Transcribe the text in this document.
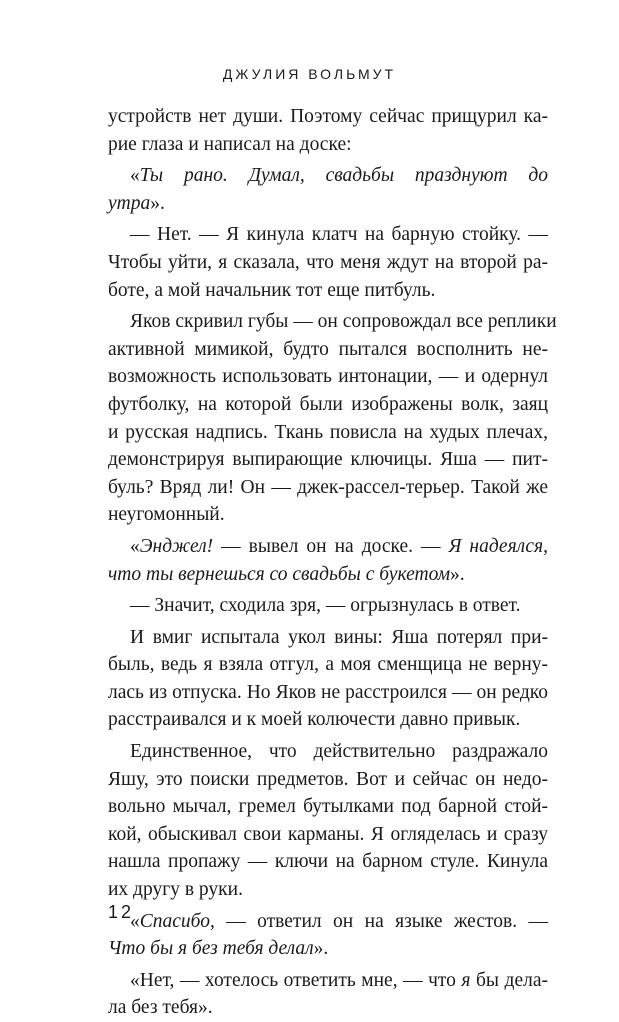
ДЖУЛИЯ ВОЛЬМУТ
устройств нет души. Поэтому сейчас прищурил ка-
рие глаза и написал на доске:
«Ты рано. Думал, свадьбы празднуют до
утра».
— Нет. — Я кинула клатч на барную стойку. —
Чтобы уйти, я сказала, что меня ждут на второй ра-
боте, а мой начальник тот еще питбуль.
Яков скривил губы — он сопровождал все реплики
активной мимикой, будто пытался восполнить не-
возможность использовать интонации, — и одернул
футболку, на которой были изображены волк, заяц
и русская надпись. Ткань повисла на худых плечах,
демонстрируя выпирающие ключицы. Яша — пит-
буль? Вряд ли! Он — джек-рассел-терьер. Такой же
неугомонный.
«Энджел! — вывел он на доске. — Я надеялся,
что ты вернешься со свадьбы с букетом».
— Значит, сходила зря, — огрызнулась в ответ.
И вмиг испытала укол вины: Яша потерял при-
быль, ведь я взяла отгул, а моя сменщица не верну-
лась из отпуска. Но Яков не расстроился — он редко
расстраивался и к моей колючести давно привык.
Единственное, что действительно раздражало
Яшу, это поиски предметов. Вот и сейчас он недо-
вольно мычал, гремел бутылками под барной стой-
кой, обыскивал свои карманы. Я огляделась и сразу
нашла пропажу — ключи на барном стуле. Кинула
их другу в руки.
«Спасибо, — ответил он на языке жестов. —
Что бы я без тебя делал».
«Нет, — хотелось ответить мне, — что я бы дела-
ла без тебя».
12
